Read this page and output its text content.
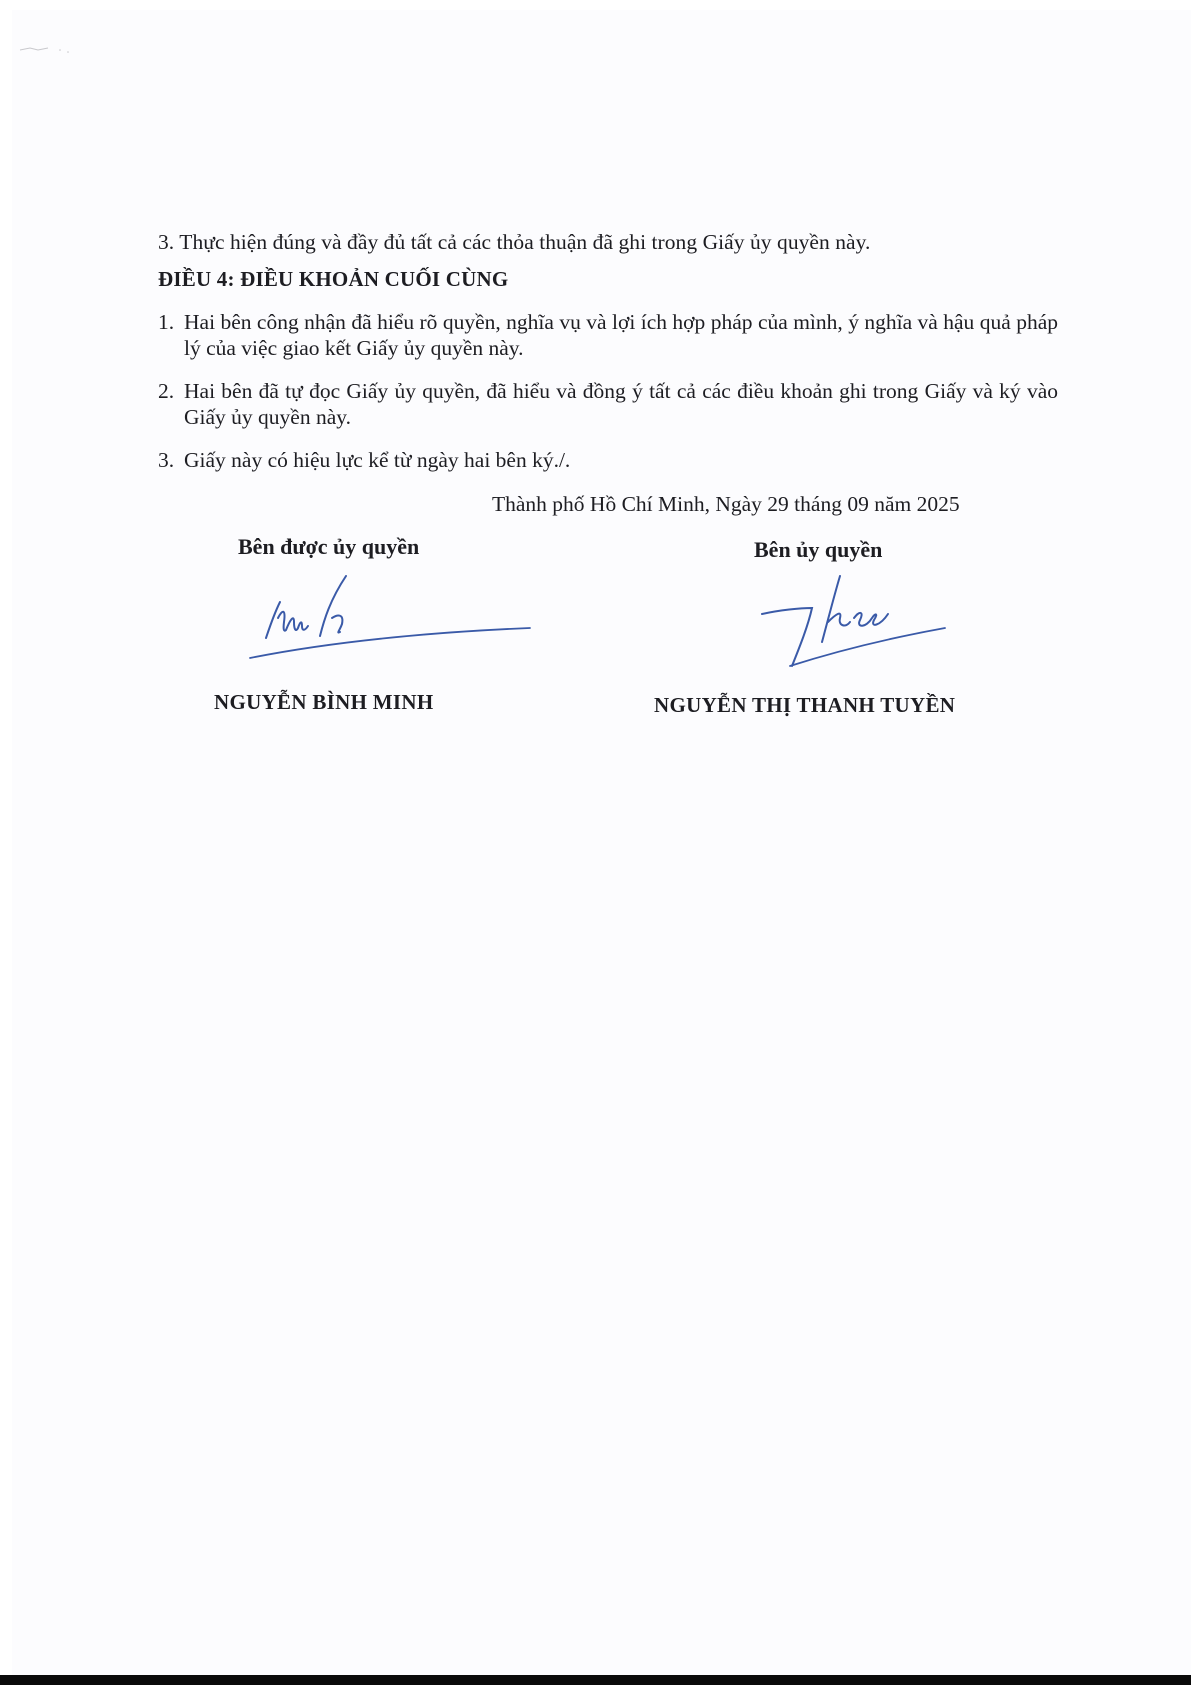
3. Thực hiện đúng và đầy đủ tất cả các thỏa thuận đã ghi trong Giấy ủy quyền này.
ĐIỀU 4: ĐIỀU KHOẢN CUỐI CÙNG
1. Hai bên công nhận đã hiểu rõ quyền, nghĩa vụ và lợi ích hợp pháp của mình, ý nghĩa và hậu quả pháp lý của việc giao kết Giấy ủy quyền này.
2. Hai bên đã tự đọc Giấy ủy quyền, đã hiểu và đồng ý tất cả các điều khoản ghi trong Giấy và ký vào Giấy ủy quyền này.
3. Giấy này có hiệu lực kể từ ngày hai bên ký./.
Thành phố Hồ Chí Minh, Ngày 29 tháng 09 năm 2025
Bên được ủy quyền	Bên ủy quyền
NGUYỄN BÌNH MINH	NGUYỄN THỊ THANH TUYỀN
